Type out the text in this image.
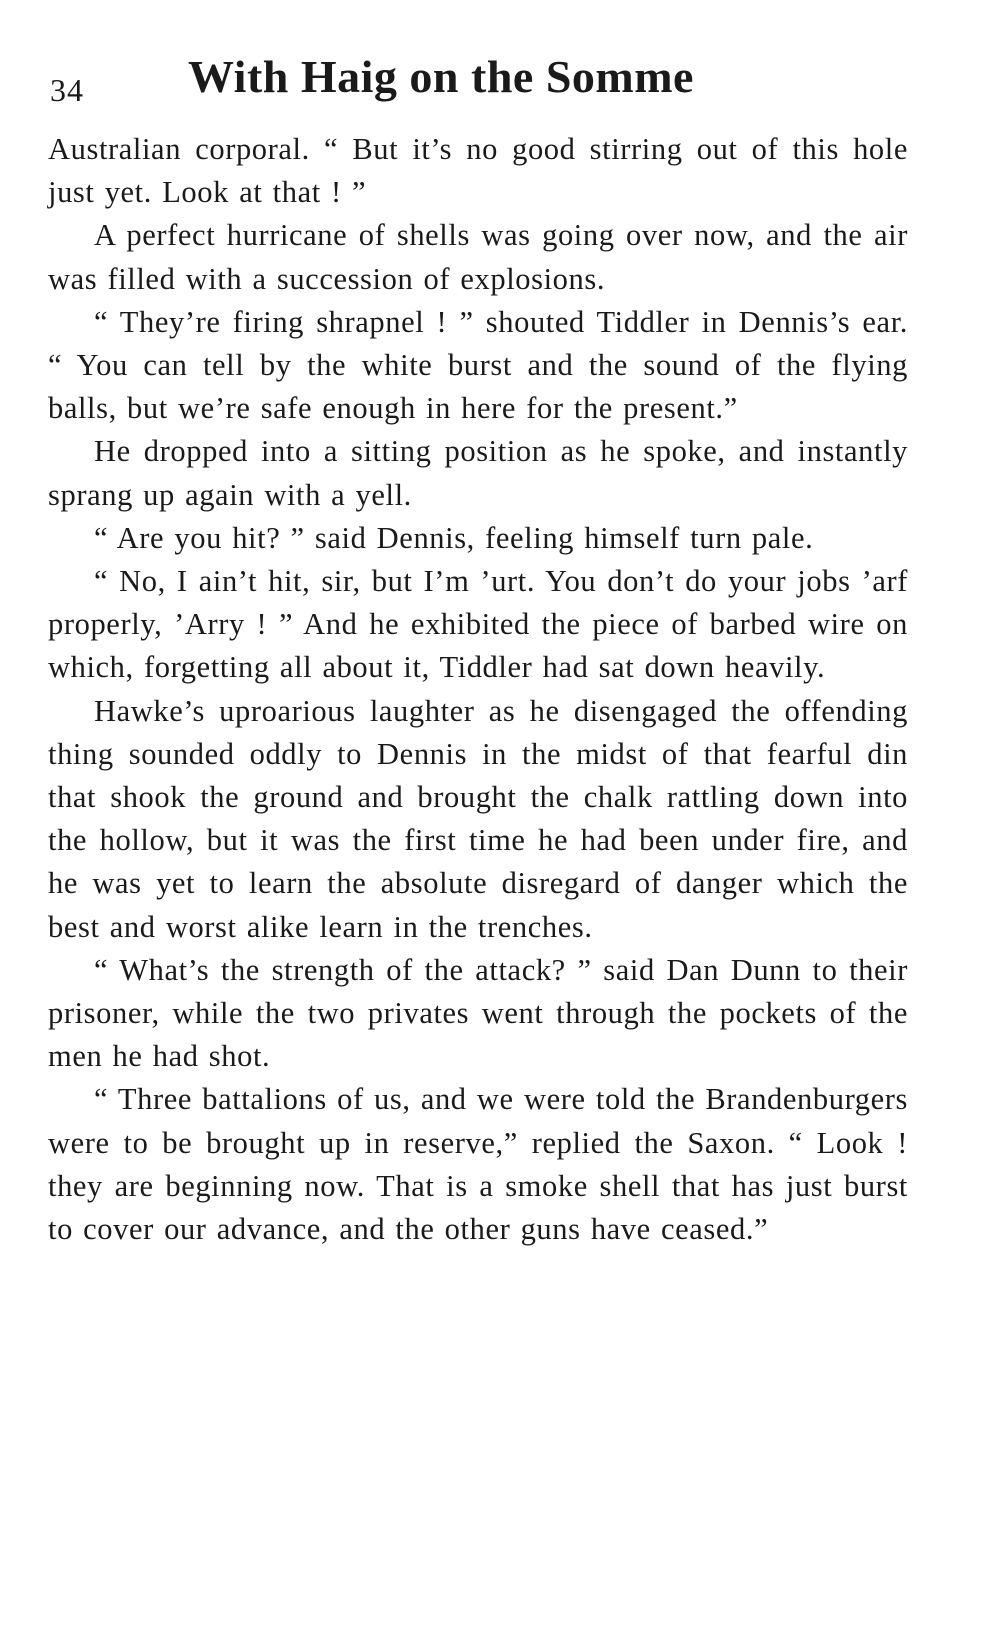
34 With Haig on the Somme

Australian corporal. “ But it’s no good stirring out of this hole just yet. Look at that ! ”

A perfect hurricane of shells was going over now, and the air was filled with a succession of explosions.

“ They’re firing shrapnel ! ” shouted Tiddler in Dennis’s ear. “ You can tell by the white burst and the sound of the flying balls, but we’re safe enough in here for the present.”

He dropped into a sitting position as he spoke, and instantly sprang up again with a yell.

“ Are you hit? ” said Dennis, feeling himself turn pale.

“ No, I ain’t hit, sir, but I’m ’urt. You don’t do your jobs ’arf properly, ’Arry ! ” And he exhibited the piece of barbed wire on which, forgetting all about it, Tiddler had sat down heavily.

Hawke’s uproarious laughter as he disengaged the offending thing sounded oddly to Dennis in the midst of that fearful din that shook the ground and brought the chalk rattling down into the hollow, but it was the first time he had been under fire, and he was yet to learn the absolute disregard of danger which the best and worst alike learn in the trenches.

“ What’s the strength of the attack? ” said Dan Dunn to their prisoner, while the two privates went through the pockets of the men he had shot.

“ Three battalions of us, and we were told the Brandenburgers were to be brought up in reserve,” replied the Saxon. “ Look ! they are beginning now. That is a smoke shell that has just burst to cover our advance, and the other guns have ceased.”
